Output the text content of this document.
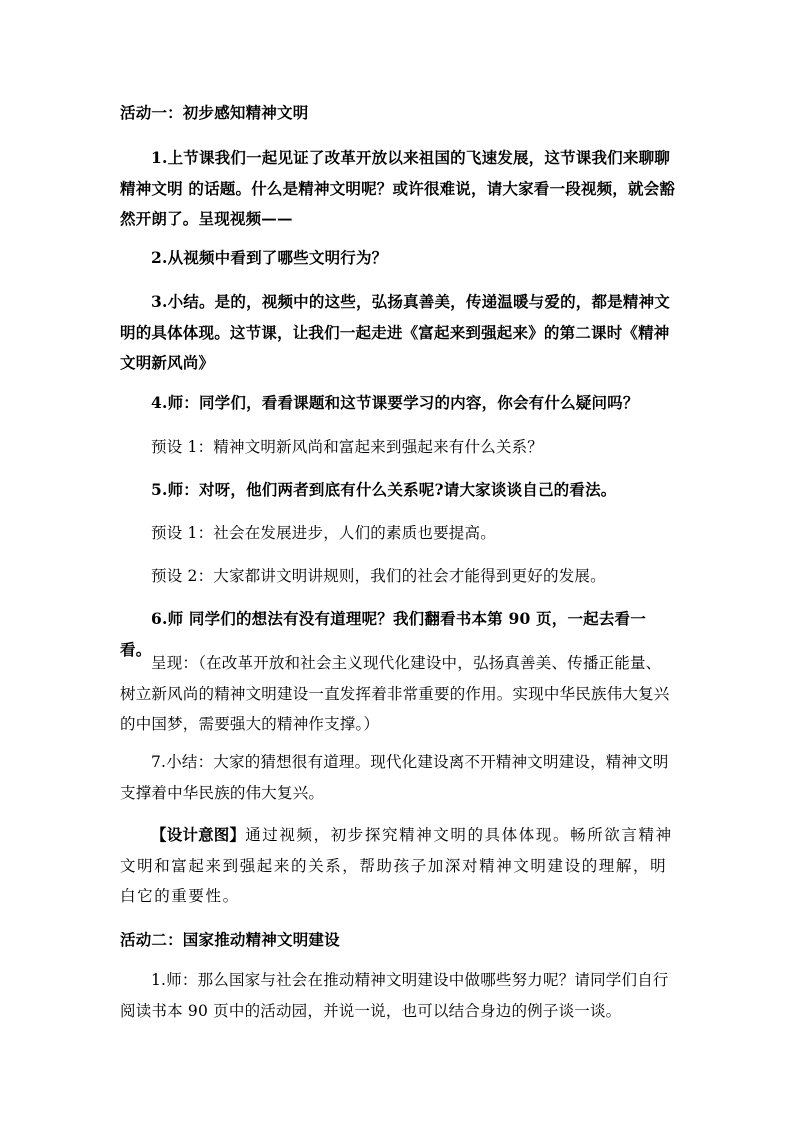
活动一：初步感知精神文明
1.上节课我们一起见证了改革开放以来祖国的飞速发展，这节课我们来聊聊精神文明 的话题。什么是精神文明呢？或许很难说，请大家看一段视频，就会豁然开朗了。呈现视频——
2.从视频中看到了哪些文明行为？
3.小结。是的，视频中的这些，弘扬真善美，传递温暖与爱的，都是精神文明的具体体现。这节课，让我们一起走进《富起来到强起来》的第二课时《精神文明新风尚》
4.师：同学们，看看课题和这节课要学习的内容，你会有什么疑问吗？
预设 1：精神文明新风尚和富起来到强起来有什么关系？
5.师：对呀，他们两者到底有什么关系呢?请大家谈谈自己的看法。
预设 1：社会在发展进步，人们的素质也要提高。
预设 2：大家都讲文明讲规则，我们的社会才能得到更好的发展。
6.师 同学们的想法有没有道理呢？我们翻看书本第 90 页，一起去看一看。
呈现：（在改革开放和社会主义现代化建设中，弘扬真善美、传播正能量、树立新风尚的精神文明建设一直发挥着非常重要的作用。实现中华民族伟大复兴的中国梦，需要强大的精神作支撑。）
7.小结：大家的猜想很有道理。现代化建设离不开精神文明建设，精神文明支撑着中华民族的伟大复兴。
【设计意图】通过视频，初步探究精神文明的具体体现。畅所欲言精神文明和富起来到强起来的关系，帮助孩子加深对精神文明建设的理解，明白它的重要性。
活动二：国家推动精神文明建设
1.师：那么国家与社会在推动精神文明建设中做哪些努力呢？请同学们自行阅读书本 90 页中的活动园，并说一说，也可以结合身边的例子谈一谈。
